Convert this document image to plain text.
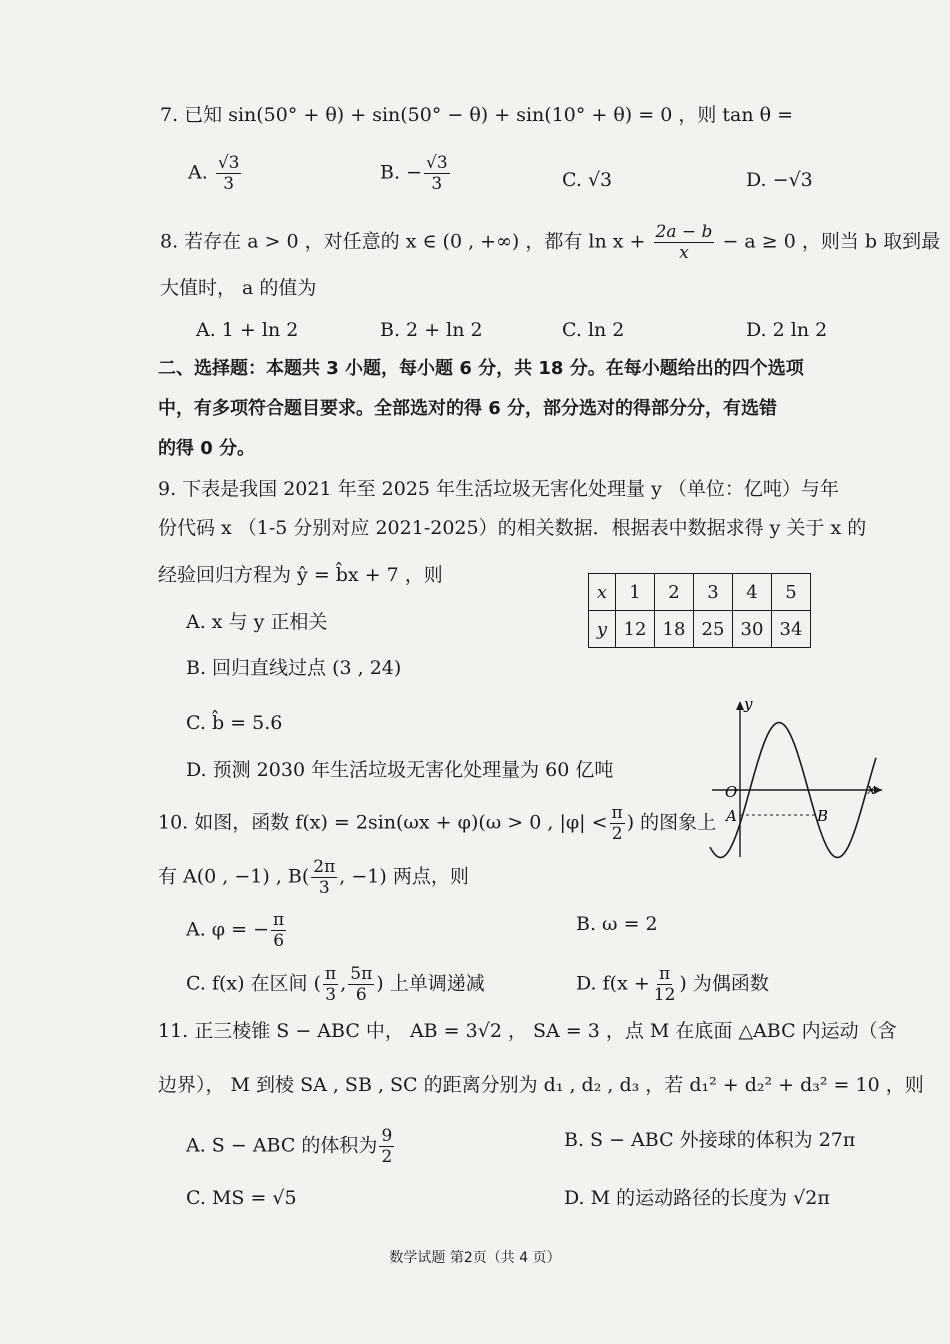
7. 已知 sin(50° + θ) + sin(50° − θ) + sin(10° + θ) = 0 ，则 tan θ =
A. $\frac{√3}{3}$	B. − $\frac{√3}{3}$	C. √3	D. −√3
8. 若存在 a > 0 ，对任意的 x ∈ (0 , +∞) ，都有 $\ln x + \frac{2a - b}{x} - a \ge 0$ ，则当 b 取到最
大值时， a 的值为
A. 1 + ln 2	B. 2 + ln 2	C. ln 2	D. 2 ln 2
二、选择题：本题共 3 小题，每小题 6 分，共 18 分。在每小题给出的四个选项
中，有多项符合题目要求。全部选对的得 6 分，部分选对的得部分分，有选错
的得 0 分。
9. 下表是我国 2021 年至 2025 年生活垃圾无害化处理量 y （单位：亿吨）与年
份代码 x （1-5 分别对应 2021-2025）的相关数据．根据表中数据求得 y 关于 x 的
经验回归方程为 ŷ = b̂x + 7 ，则
x	1	2	3	4	5
y	12	18	25	30	34
A. x 与 y 正相关
B. 回归直线过点 (3 , 24)
C. b̂ = 5.6
D. 预测 2030 年生活垃圾无害化处理量为 60 亿吨
y
x
O
A	B
10. 如图，函数 f(x) = 2sin(ωx + φ)(ω > 0 , $|\varphi| < \frac{\pi}{2}$ ) 的图象上
有 A(0 , −1) , $B( \frac{2\pi}{3}$ , −1) 两点，则
A. φ = − $\frac{\pi}{6}$	B. ω = 2
C. f(x) 在区间 ( $\frac{\pi}{3}$ , $\frac{5\pi}{6}$ ) 上单调递减	D. $f(x + \frac{\pi}{12}$ ) 为偶函数
11. 正三棱锥 S − ABC 中， AB = 3√2 ， SA = 3 ，点 M 在底面 △ABC 内运动（含
边界）， M 到棱 SA , SB , SC 的距离分别为 d₁ , d₂ , d₃ ，若 d₁² + d₂² + d₃² = 10 ，则
A. S − ABC 的体积为 $\frac{9}{2}$	B. S − ABC 外接球的体积为 27π
C. MS = √5	D. M 的运动路径的长度为 √2π
数学试题 第2页（共 4 页）
